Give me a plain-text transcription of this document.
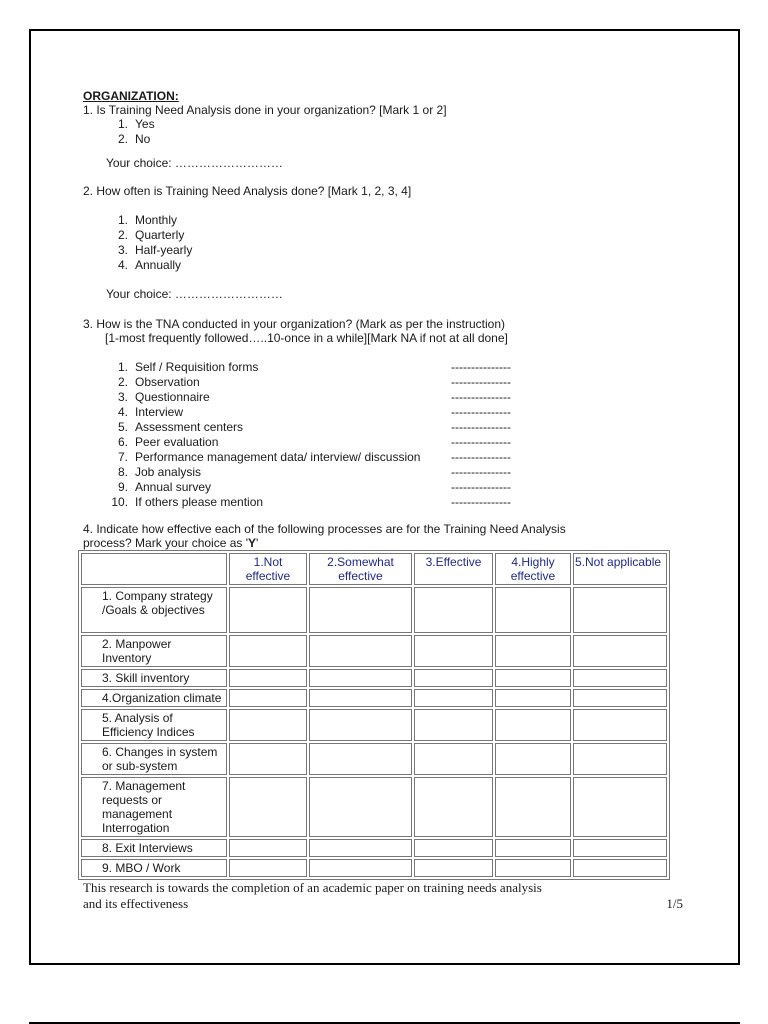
ORGANIZATION:
1. Is Training Need Analysis done in your organization? [Mark 1 or 2]
1. Yes
2. No
Your choice: ………………………
2. How often is Training Need Analysis done? [Mark 1, 2, 3, 4]
1. Monthly
2. Quarterly
3. Half-yearly
4. Annually
Your choice: ………………………
3. How is the TNA conducted in your organization? (Mark as per the instruction)
[1-most frequently followed…..10-once in a while][Mark NA if not at all done]
1. Self / Requisition forms	---------------
2. Observation	---------------
3. Questionnaire	---------------
4. Interview	---------------
5. Assessment centers	---------------
6. Peer evaluation	---------------
7. Performance management data/ interview/ discussion	---------------
8. Job analysis	---------------
9. Annual survey	---------------
10. If others please mention	---------------
4. Indicate how effective each of the following processes are for the Training Need Analysis
process? Mark your choice as 'Y'
	1.Not effective	2.Somewhat effective	3.Effective	4.Highly effective	5.Not applicable
1. Company strategy /Goals & objectives					
2. Manpower Inventory					
3. Skill inventory					
4.Organization climate					
5. Analysis of Efficiency Indices					
6. Changes in system or sub-system					
7. Management requests or management Interrogation					
8. Exit Interviews					
9. MBO / Work					
This research is towards the completion of an academic paper on training needs analysis
and its effectiveness	1/5
